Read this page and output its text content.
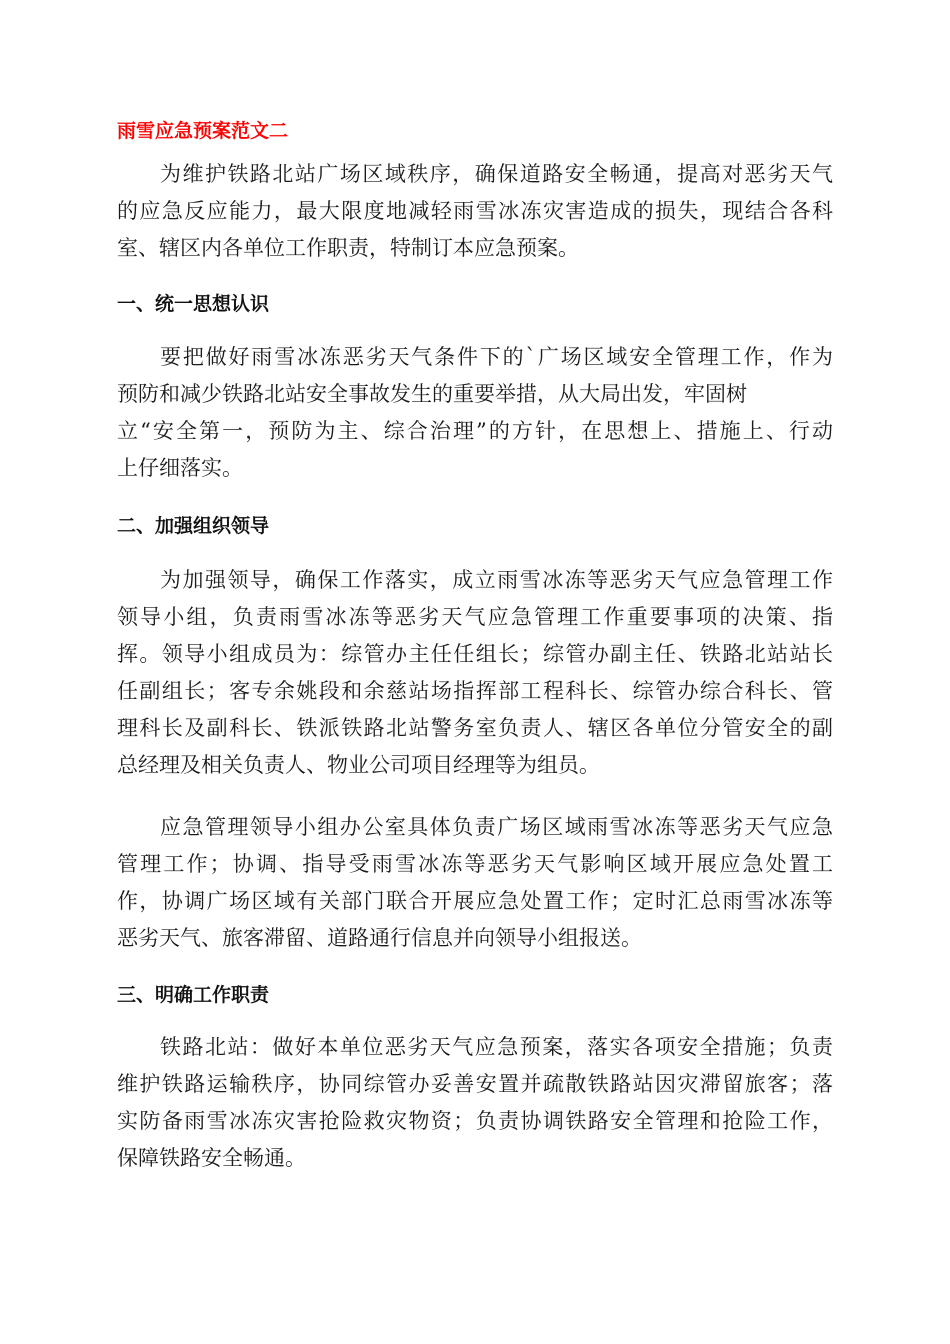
雨雪应急预案范文二
为维护铁路北站广场区域秩序，确保道路安全畅通，提高对恶劣天气
的应急反应能力，最大限度地减轻雨雪冰冻灾害造成的损失，现结合各科
室、辖区内各单位工作职责，特制订本应急预案。
一、统一思想认识
要把做好雨雪冰冻恶劣天气条件下的`广场区域安全管理工作，作为
预防和减少铁路北站安全事故发生的重要举措，从大局出发，牢固树
立“安全第一，预防为主、综合治理”的方针，在思想上、措施上、行动
上仔细落实。
二、加强组织领导
为加强领导，确保工作落实，成立雨雪冰冻等恶劣天气应急管理工作
领导小组，负责雨雪冰冻等恶劣天气应急管理工作重要事项的决策、指
挥。领导小组成员为：综管办主任任组长；综管办副主任、铁路北站站长
任副组长；客专余姚段和余慈站场指挥部工程科长、综管办综合科长、管
理科长及副科长、铁派铁路北站警务室负责人、辖区各单位分管安全的副
总经理及相关负责人、物业公司项目经理等为组员。
应急管理领导小组办公室具体负责广场区域雨雪冰冻等恶劣天气应急
管理工作；协调、指导受雨雪冰冻等恶劣天气影响区域开展应急处置工
作，协调广场区域有关部门联合开展应急处置工作；定时汇总雨雪冰冻等
恶劣天气、旅客滞留、道路通行信息并向领导小组报送。
三、明确工作职责
铁路北站：做好本单位恶劣天气应急预案，落实各项安全措施；负责
维护铁路运输秩序，协同综管办妥善安置并疏散铁路站因灾滞留旅客；落
实防备雨雪冰冻灾害抢险救灾物资；负责协调铁路安全管理和抢险工作，
保障铁路安全畅通。
